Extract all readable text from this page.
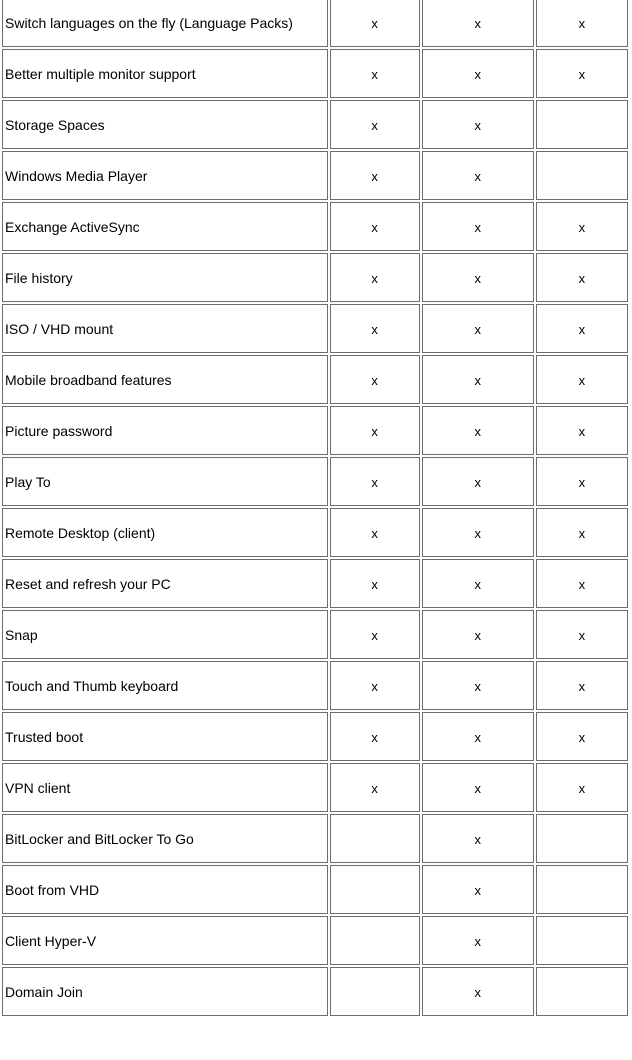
Switch languages on the fly (Language Packs)	x	x	x
Better multiple monitor support	x	x	x
Storage Spaces	x	x	
Windows Media Player	x	x	
Exchange ActiveSync	x	x	x
File history	x	x	x
ISO / VHD mount	x	x	x
Mobile broadband features	x	x	x
Picture password	x	x	x
Play To	x	x	x
Remote Desktop (client)	x	x	x
Reset and refresh your PC	x	x	x
Snap	x	x	x
Touch and Thumb keyboard	x	x	x
Trusted boot	x	x	x
VPN client	x	x	x
BitLocker and BitLocker To Go		x	
Boot from VHD		x	
Client Hyper-V		x	
Domain Join		x	
